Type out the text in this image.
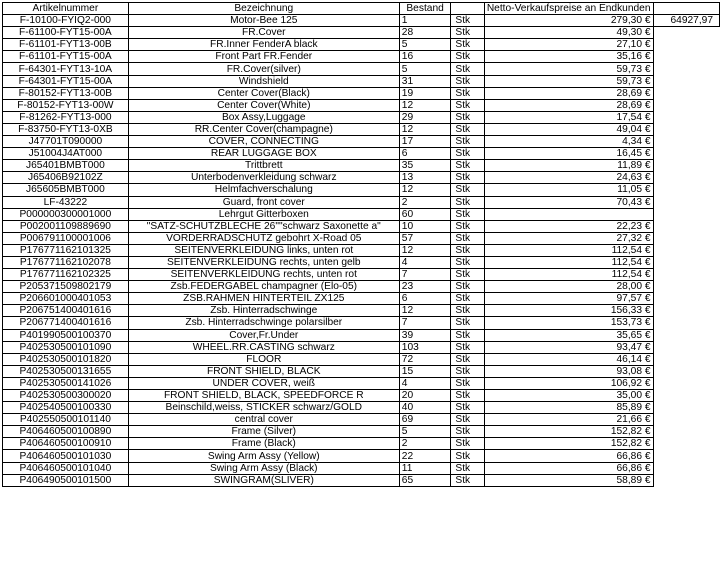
Artikelnummer	Bezeichnung	Bestand		Netto-Verkaufspreise an Endkunden	
F-10100-FYIQ2-000	Motor-Bee 125	1	Stk	279,30 €	64927,97
F-61100-FYT15-00A	FR.Cover	28	Stk	49,30 €	
F-61101-FYT13-00B	FR.Inner FenderA black	5	Stk	27,10 €	
F-61101-FYT15-00A	Front Part FR.Fender	16	Stk	35,16 €	
F-64301-FYT13-10A	FR.Cover(silver)	5	Stk	59,73 €	
F-64301-FYT15-00A	Windshield	31	Stk	59,73 €	
F-80152-FYT13-00B	Center Cover(Black)	19	Stk	28,69 €	
F-80152-FYT13-00W	Center Cover(White)	12	Stk	28,69 €	
F-81262-FYT13-000	Box Assy,Luggage	29	Stk	17,54 €	
F-83750-FYT13-0XB	RR.Center Cover(champagne)	12	Stk	49,04 €	
J47701T090000	COVER, CONNECTING	17	Stk	4,34 €	
J51004J4AT000	REAR LUGGAGE BOX	6	Stk	16,45 €	
J65401BMBT000	Trittbrett	35	Stk	11,89 €	
J65406B92102Z	Unterbodenverkleidung schwarz	13	Stk	24,63 €	
J65605BMBT000	Helmfachverschalung	12	Stk	11,05 €	
LF-43222	Guard, front cover	2	Stk	70,43 €	
P000000300001000	Lehrgut Gitterboxen	60	Stk		
P002001109889690	"SATZ-SCHUTZBLECHE 26""schwarz Saxonette a"	10	Stk	22,23 €	
P006791100001006	VORDERRADSCHUTZ gebohrt X-Road 05	57	Stk	27,32 €	
P176771162101325	SEITENVERKLEIDUNG links, unten rot	12	Stk	112,54 €	
P176771162102078	SEITENVERKLEIDUNG rechts, unten gelb	4	Stk	112,54 €	
P176771162102325	SEITENVERKLEIDUNG rechts, unten rot	7	Stk	112,54 €	
P205371509802179	Zsb.FEDERGABEL champagner (Elo-05)	23	Stk	28,00 €	
P206601000401053	ZSB.RAHMEN HINTERTEIL ZX125	6	Stk	97,57 €	
P206751400401616	Zsb. Hinterradschwinge	12	Stk	156,33 €	
P206771400401616	Zsb. Hinterradschwinge polarsilber	7	Stk	153,73 €	
P401990500100370	Cover,Fr.Under	39	Stk	35,65 €	
P402530500101090	WHEEL.RR.CASTING schwarz	103	Stk	93,47 €	
P402530500101820	FLOOR	72	Stk	46,14 €	
P402530500131655	FRONT SHIELD, BLACK	15	Stk	93,08 €	
P402530500141026	UNDER COVER, weiß	4	Stk	106,92 €	
P402530500300020	FRONT SHIELD, BLACK, SPEEDFORCE R	20	Stk	35,00 €	
P402540500100330	Beinschild,weiss, STICKER schwarz/GOLD	40	Stk	85,89 €	
P402550500101140	central cover	69	Stk	21,66 €	
P406460500100890	Frame (Silver)	5	Stk	152,82 €	
P406460500100910	Frame (Black)	2	Stk	152,82 €	
P406460500101030	Swing Arm Assy (Yellow)	22	Stk	66,86 €	
P406460500101040	Swing Arm Assy (Black)	11	Stk	66,86 €	
P406490500101500	SWINGRAM(SLIVER)	65	Stk	58,89 €	
